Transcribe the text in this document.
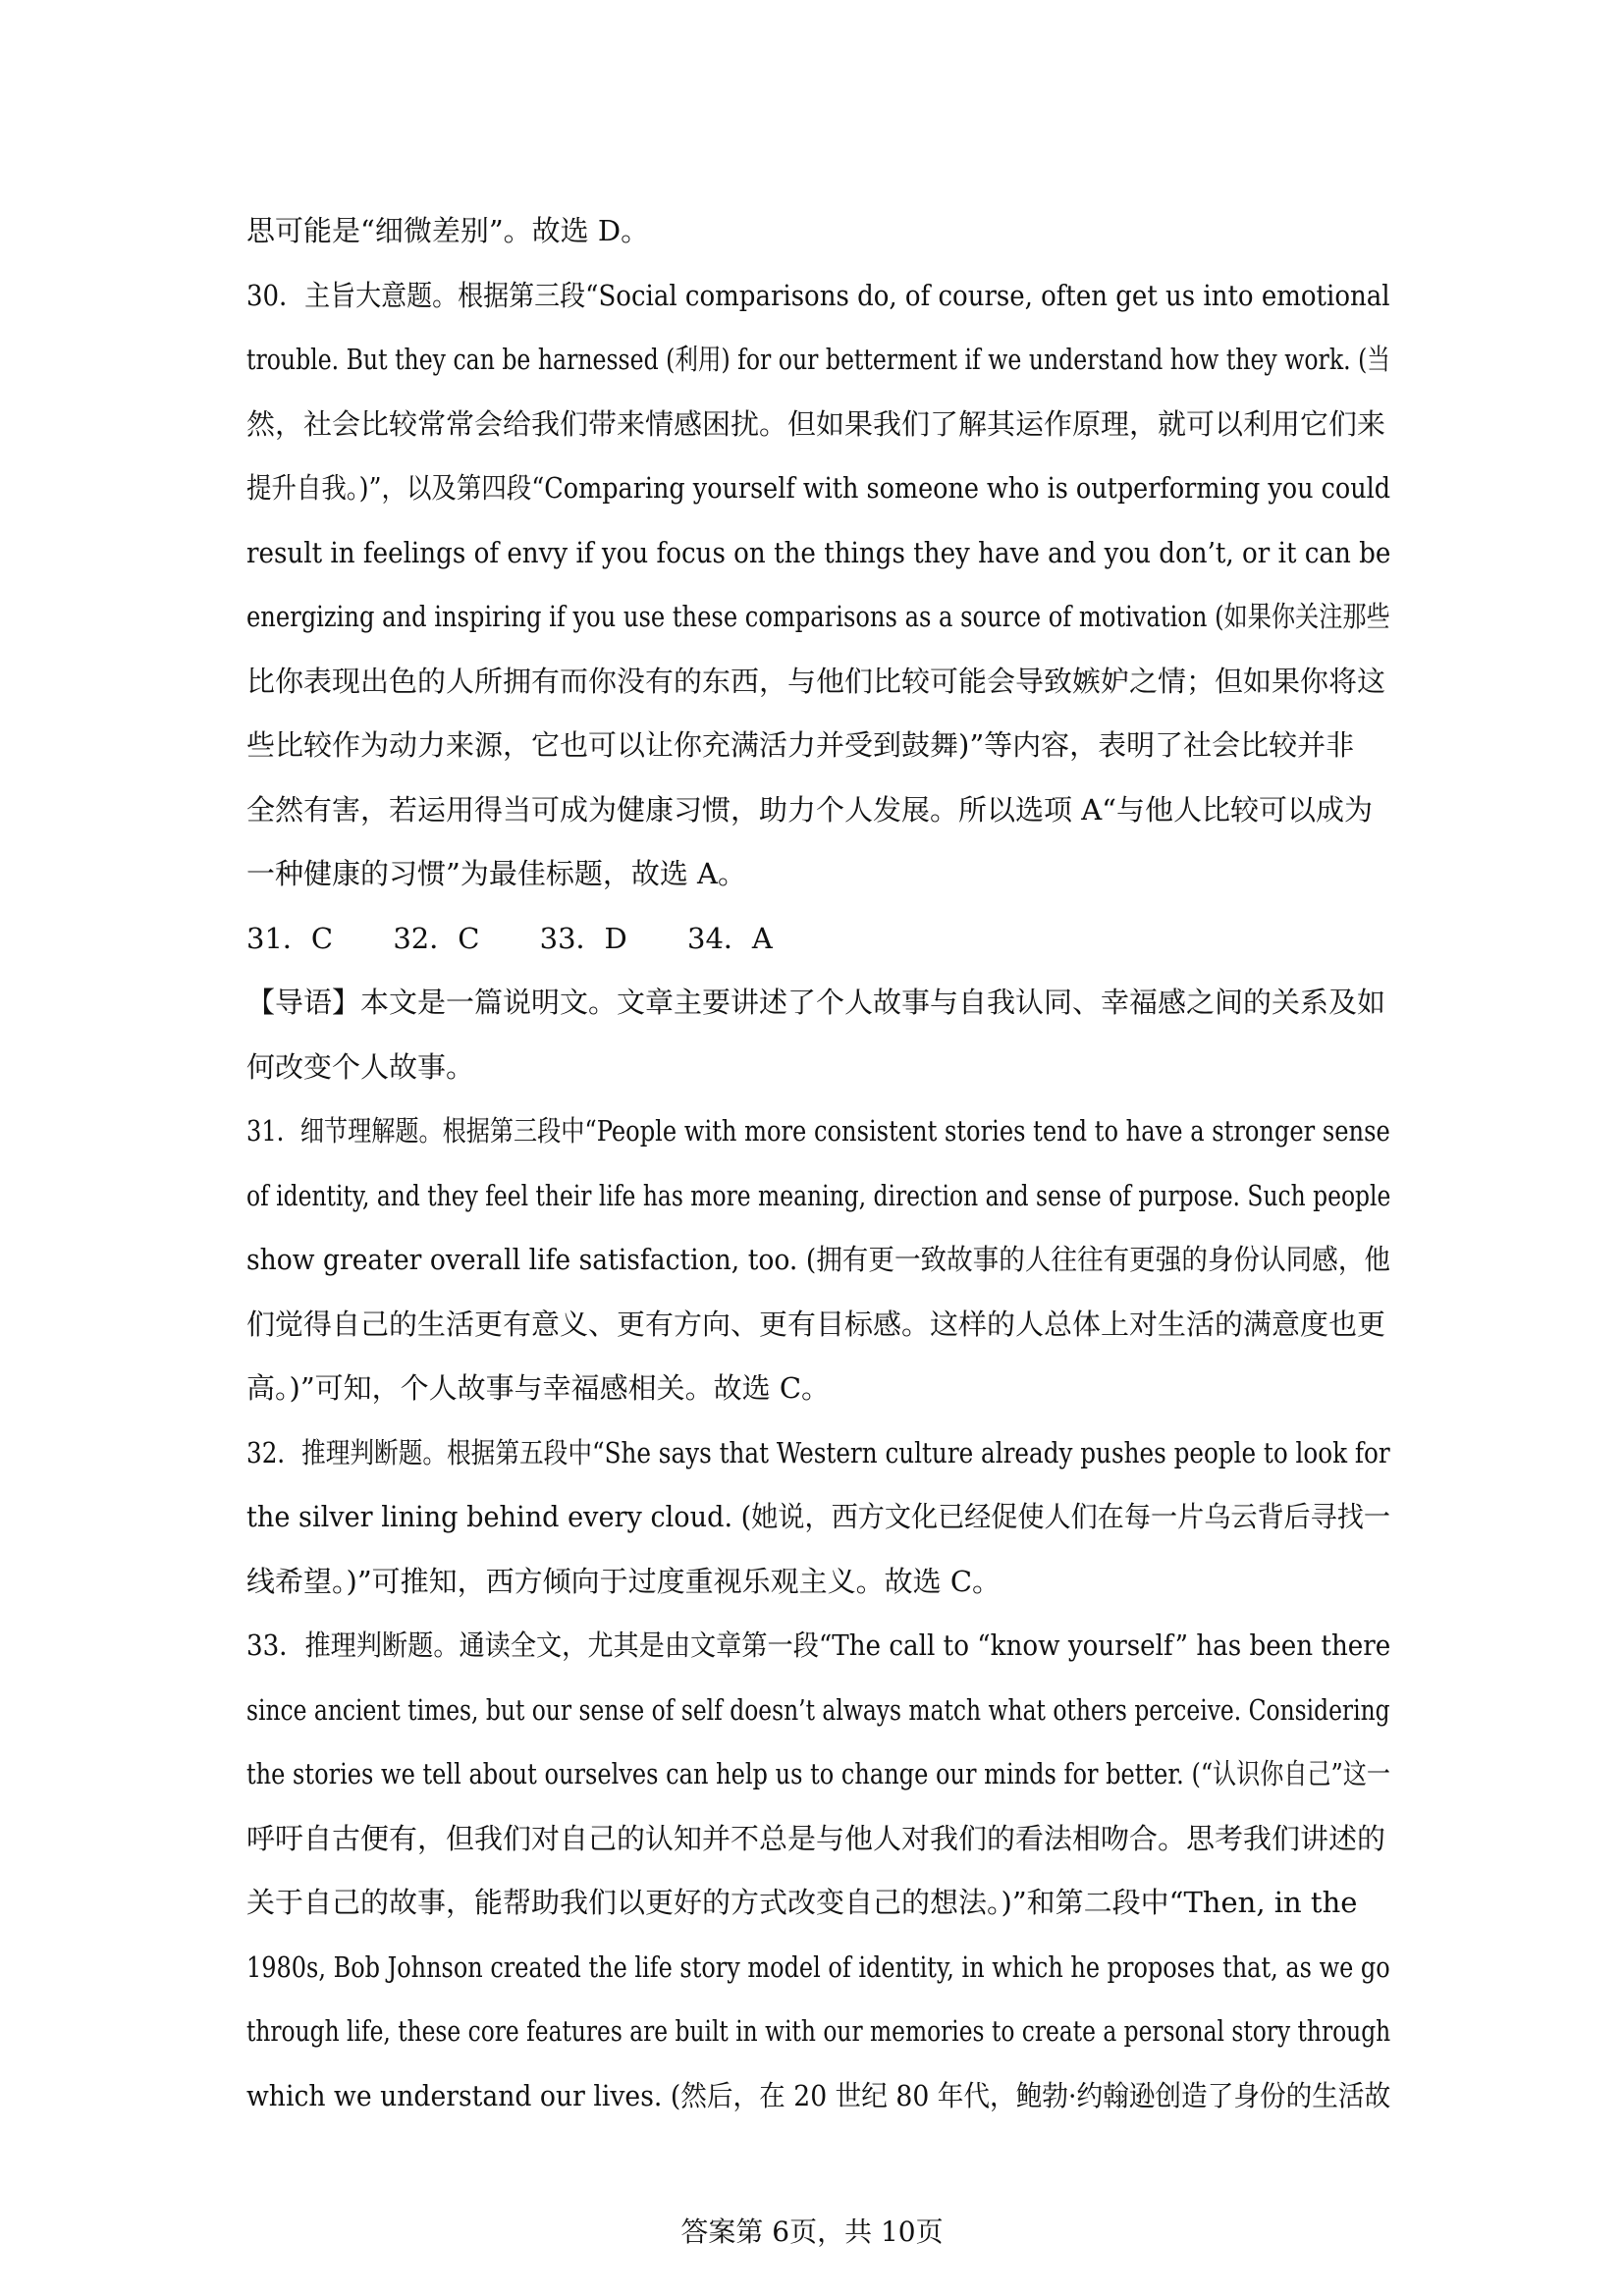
思可能是“细微差别”。故选 D。
30．主旨大意题。根据第三段“Social comparisons do, of course, often get us into emotional
trouble. But they can be harnessed (利用) for our betterment if we understand how they work. (当
然，社会比较常常会给我们带来情感困扰。但如果我们了解其运作原理，就可以利用它们来
提升自我。)”，以及第四段“Comparing yourself with someone who is outperforming you could
result in feelings of envy if you focus on the things they have and you don’t, or it can be
energizing and inspiring if you use these comparisons as a source of motivation (如果你关注那些
比你表现出色的人所拥有而你没有的东西，与他们比较可能会导致嫉妒之情；但如果你将这
些比较作为动力来源，它也可以让你充满活力并受到鼓舞)”等内容，表明了社会比较并非
全然有害，若运用得当可成为健康习惯，助力个人发展。所以选项 A“与他人比较可以成为
一种健康的习惯”为最佳标题，故选 A。
31．C 32．C 33．D 34．A
【导语】本文是一篇说明文。文章主要讲述了个人故事与自我认同、幸福感之间的关系及如
何改变个人故事。
31．细节理解题。根据第三段中“People with more consistent stories tend to have a stronger sense
of identity, and they feel their life has more meaning, direction and sense of purpose. Such people
show greater overall life satisfaction, too. (拥有更一致故事的人往往有更强的身份认同感，他
们觉得自己的生活更有意义、更有方向、更有目标感。这样的人总体上对生活的满意度也更
高。)”可知，个人故事与幸福感相关。故选 C。
32．推理判断题。根据第五段中“She says that Western culture already pushes people to look for
the silver lining behind every cloud. (她说，西方文化已经促使人们在每一片乌云背后寻找一
线希望。)”可推知，西方倾向于过度重视乐观主义。故选 C。
33．推理判断题。通读全文，尤其是由文章第一段“The call to “know yourself” has been there
since ancient times, but our sense of self doesn’t always match what others perceive. Considering
the stories we tell about ourselves can help us to change our minds for better. (“认识你自己”这一
呼吁自古便有，但我们对自己的认知并不总是与他人对我们的看法相吻合。思考我们讲述的
关于自己的故事，能帮助我们以更好的方式改变自己的想法。)”和第二段中“Then, in the
1980s, Bob Johnson created the life story model of identity, in which he proposes that, as we go
through life, these core features are built in with our memories to create a personal story through
which we understand our lives. (然后，在 20 世纪 80 年代，鲍勃·约翰逊创造了身份的生活故
答案第 6页，共 10页
